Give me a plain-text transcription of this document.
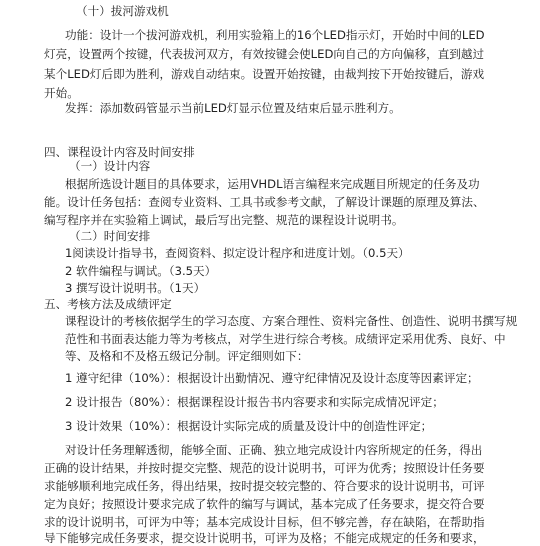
（十）拔河游戏机
功能：设计一个拔河游戏机，利用实验箱上的16个LED指示灯，开始时中间的LED
灯亮，设置两个按键，代表拔河双方，有效按键会使LED向自己的方向偏移，直到越过
某个LED灯后即为胜利，游戏自动结束。设置开始按键，由裁判按下开始按键后，游戏
开始。
发挥：添加数码管显示当前LED灯显示位置及结束后显示胜利方。
四、课程设计内容及时间安排
（一）设计内容
根据所选设计题目的具体要求，运用VHDL语言编程来完成题目所规定的任务及功
能。设计任务包括：查阅专业资料、工具书或参考文献，了解设计课题的原理及算法、
编写程序并在实验箱上调试，最后写出完整、规范的课程设计说明书。
（二）时间安排
1阅读设计指导书，查阅资料、拟定设计程序和进度计划。（0.5天）
2 软件编程与调试。（3.5天）
3 撰写设计说明书。（1天）
五、考核方法及成绩评定
课程设计的考核依据学生的学习态度、方案合理性、资料完备性、创造性、说明书撰写规
范性和书面表达能力等为考核点，对学生进行综合考核。成绩评定采用优秀、良好、中
等、及格和不及格五级记分制。评定细则如下：
1 遵守纪律（10%）：根据设计出勤情况、遵守纪律情况及设计态度等因素评定；
2 设计报告（80%）：根据课程设计报告书内容要求和实际完成情况评定；
3 设计效果（10%）：根据设计实际完成的质量及设计中的创造性评定；
对设计任务理解透彻，能够全面、正确、独立地完成设计内容所规定的任务，得出
正确的设计结果，并按时提交完整、规范的设计说明书，可评为优秀；按照设计任务要
求能够顺利地完成任务，得出结果，按时提交较完整的、符合要求的设计说明书，可评
定为良好；按照设计要求完成了软件的编写与调试，基本完成了任务要求，提交符合要
求的设计说明书，可评为中等；基本完成设计目标，但不够完善，存在缺陷，在帮助指
导下能够完成任务要求，提交设计说明书，可评为及格；不能完成规定的任务和要求，
